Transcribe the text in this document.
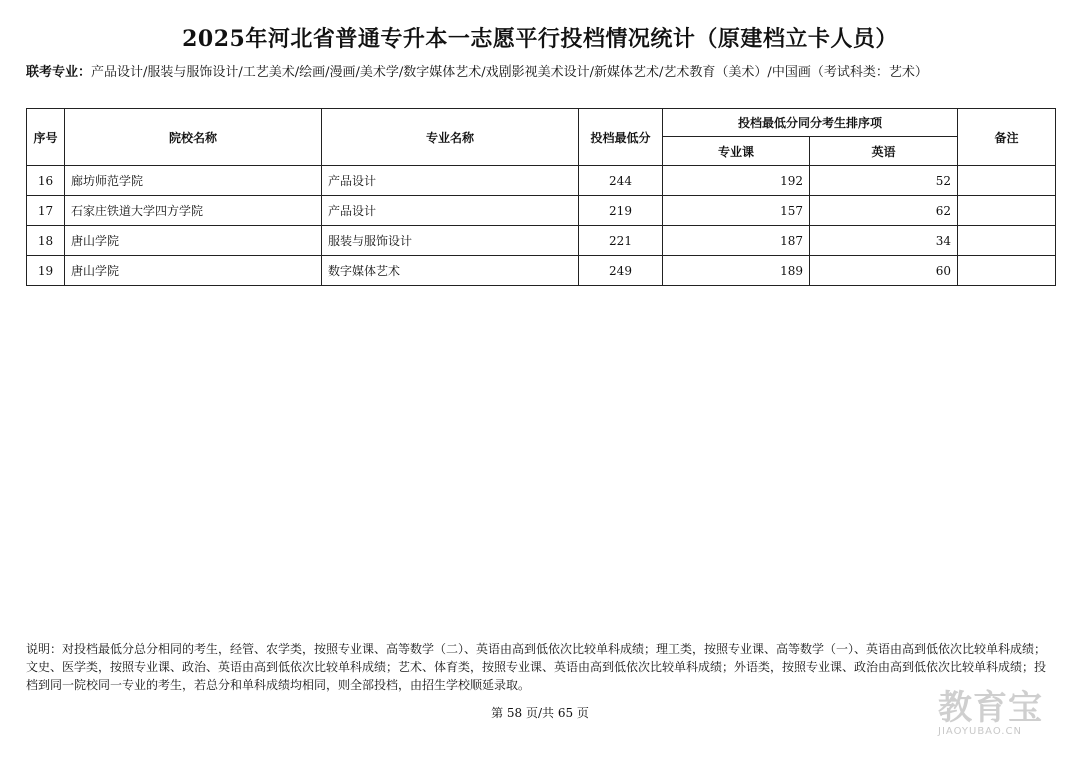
2025年河北省普通专升本一志愿平行投档情况统计（原建档立卡人员）
联考专业：产品设计/服装与服饰设计/工艺美术/绘画/漫画/美术学/数字媒体艺术/戏剧影视美术设计/新媒体艺术/艺术教育（美术）/中国画（考试科类：艺术）
序号	院校名称	专业名称	投档最低分	投档最低分同分考生排序项		备注
				专业课	英语	
16	廊坊师范学院	产品设计	244	192	52	
17	石家庄铁道大学四方学院	产品设计	219	157	62	
18	唐山学院	服装与服饰设计	221	187	34	
19	唐山学院	数字媒体艺术	249	189	60	
说明：对投档最低分总分相同的考生，经管、农学类，按照专业课、高等数学（二）、英语由高到低依次比较单科成绩；理工类，按照专业课、高等数学（一）、英语由高到低依次比较单科成绩；文史、医学类，按照专业课、政治、英语由高到低依次比较单科成绩；艺术、体育类，按照专业课、英语由高到低依次比较单科成绩；外语类，按照专业课、政治由高到低依次比较单科成绩；投档到同一院校同一专业的考生，若总分和单科成绩均相同，则全部投档，由招生学校顺延录取。
第 58 页/共 65 页	教育宝
JIAOYUBAO.CN
